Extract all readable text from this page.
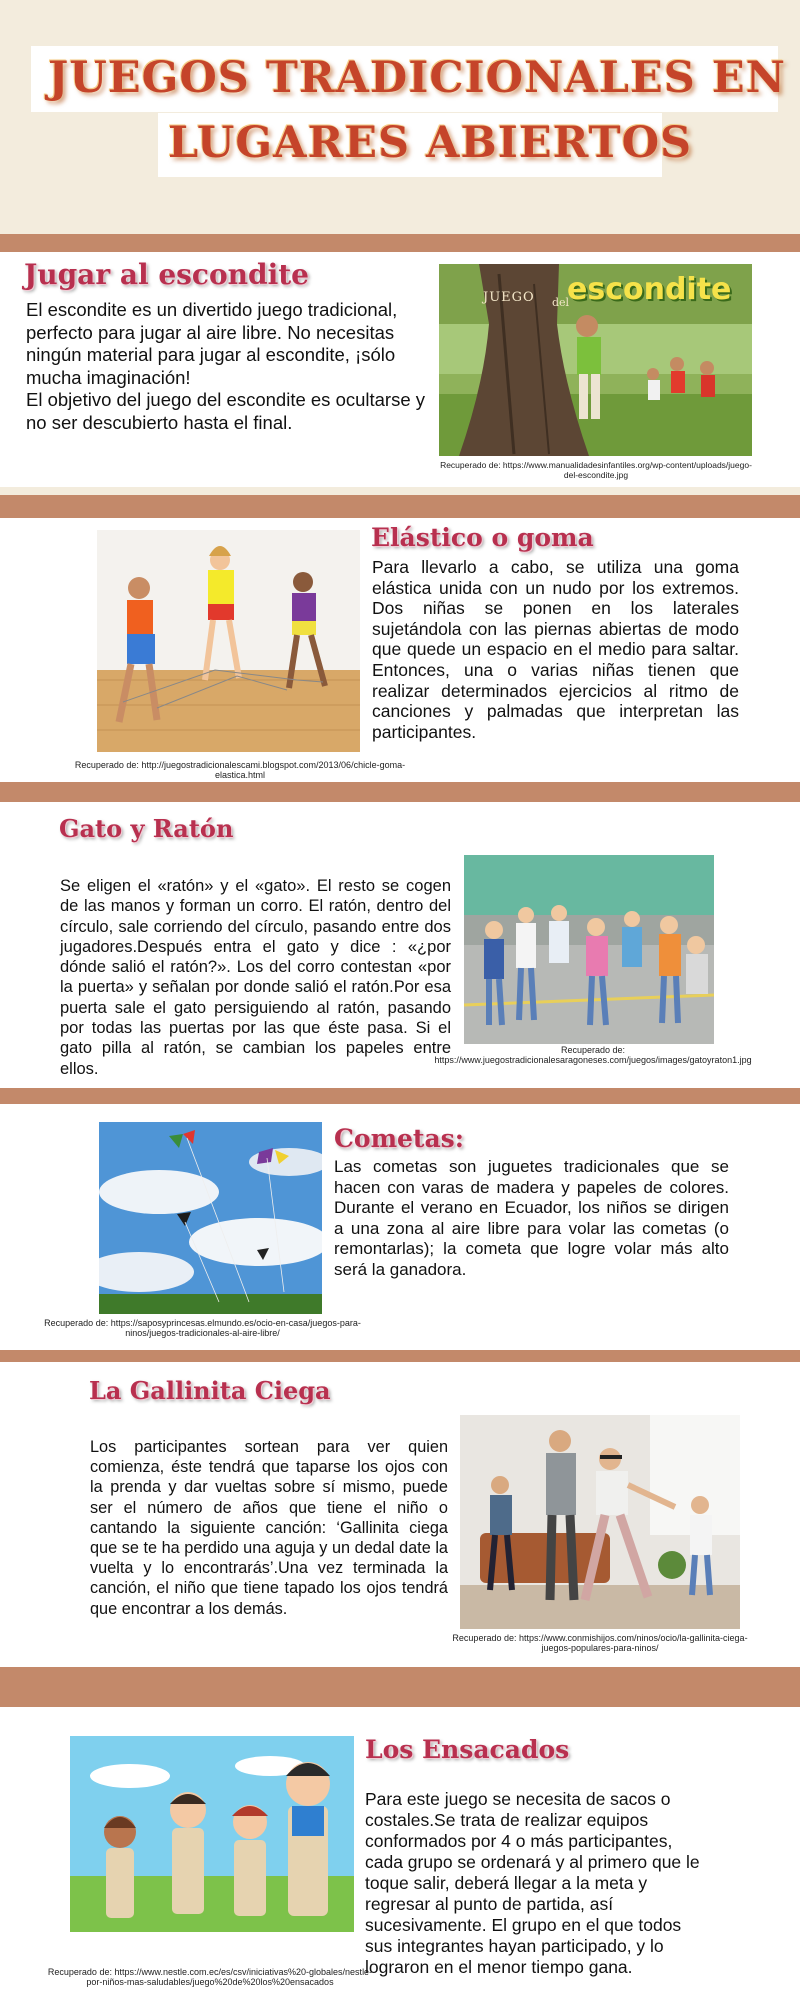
JUEGOS TRADICIONALES EN
LUGARES ABIERTOS
Jugar al escondite
El escondite es un divertido juego tradicional, perfecto para jugar al aire libre. No necesitas ningún material para jugar al escondite, ¡sólo mucha imaginación!
El objetivo del juego del escondite es ocultarse y no ser descubierto hasta el final.
JUEGO del
escondite
Recuperado de: https://www.manualidadesinfantiles.org/wp-content/uploads/juego-del-escondite.jpg
Recuperado de: http://juegostradicionalescami.blogspot.com/2013/06/chicle-goma-elastica.html
Elástico o goma
Para llevarlo a cabo, se utiliza una goma elástica unida con un nudo por los extremos. Dos niñas se ponen en los laterales sujetándola con las piernas abiertas de modo que quede un espacio en el medio para saltar. Entonces, una o varias niñas tienen que realizar determinados ejercicios al ritmo de canciones y palmadas que interpretan las participantes.
Gato y Ratón
Se eligen el «ratón» y el «gato». El resto se cogen de las manos y forman un corro. El ratón, dentro del círculo, sale corriendo del círculo, pasando entre dos jugadores.Después entra el gato y dice : «¿por dónde salió el ratón?». Los del corro contestan «por la puerta» y señalan por donde salió el ratón.Por esa puerta sale el gato persiguiendo al ratón, pasando por todas las puertas por las que éste pasa. Si el gato pilla al ratón, se cambian los papeles entre ellos.
Recuperado de: https://www.juegostradicionalesaragoneses.com/juegos/images/gatoyraton1.jpg
Recuperado de: https://saposyprincesas.elmundo.es/ocio-en-casa/juegos-para-ninos/juegos-tradicionales-al-aire-libre/
Cometas:
Las cometas son juguetes tradicionales que se hacen con varas de madera y papeles de colores. Durante el verano en Ecuador, los niños se dirigen a una zona al aire libre para volar las cometas (o remontarlas); la cometa que logre volar más alto será la ganadora.
La Gallinita Ciega
Los participantes sortean para ver quien comienza, éste tendrá que taparse los ojos con la prenda y dar vueltas sobre sí mismo, puede ser el número de años que tiene el niño o cantando la siguiente canción: ‘Gallinita ciega que se te ha perdido una aguja y un dedal date la vuelta y lo encontrarás’.Una vez terminada la canción, el niño que tiene tapado los ojos tendrá que encontrar a los demás.
Recuperado de: https://www.conmishijos.com/ninos/ocio/la-gallinita-ciega-juegos-populares-para-ninos/
Recuperado de: https://www.nestle.com.ec/es/csv/iniciativas%20-globales/nestle-por-niños-mas-saludables/juego%20de%20los%20ensacados
Los Ensacados
Para este juego se necesita de sacos o costales.Se trata de realizar equipos conformados por 4 o más participantes, cada grupo se ordenará y al primero que le toque salir, deberá llegar a la meta y regresar al punto de partida, así sucesivamente. El grupo en el que todos sus integrantes hayan participado, y lo lograron en el menor tiempo gana.
